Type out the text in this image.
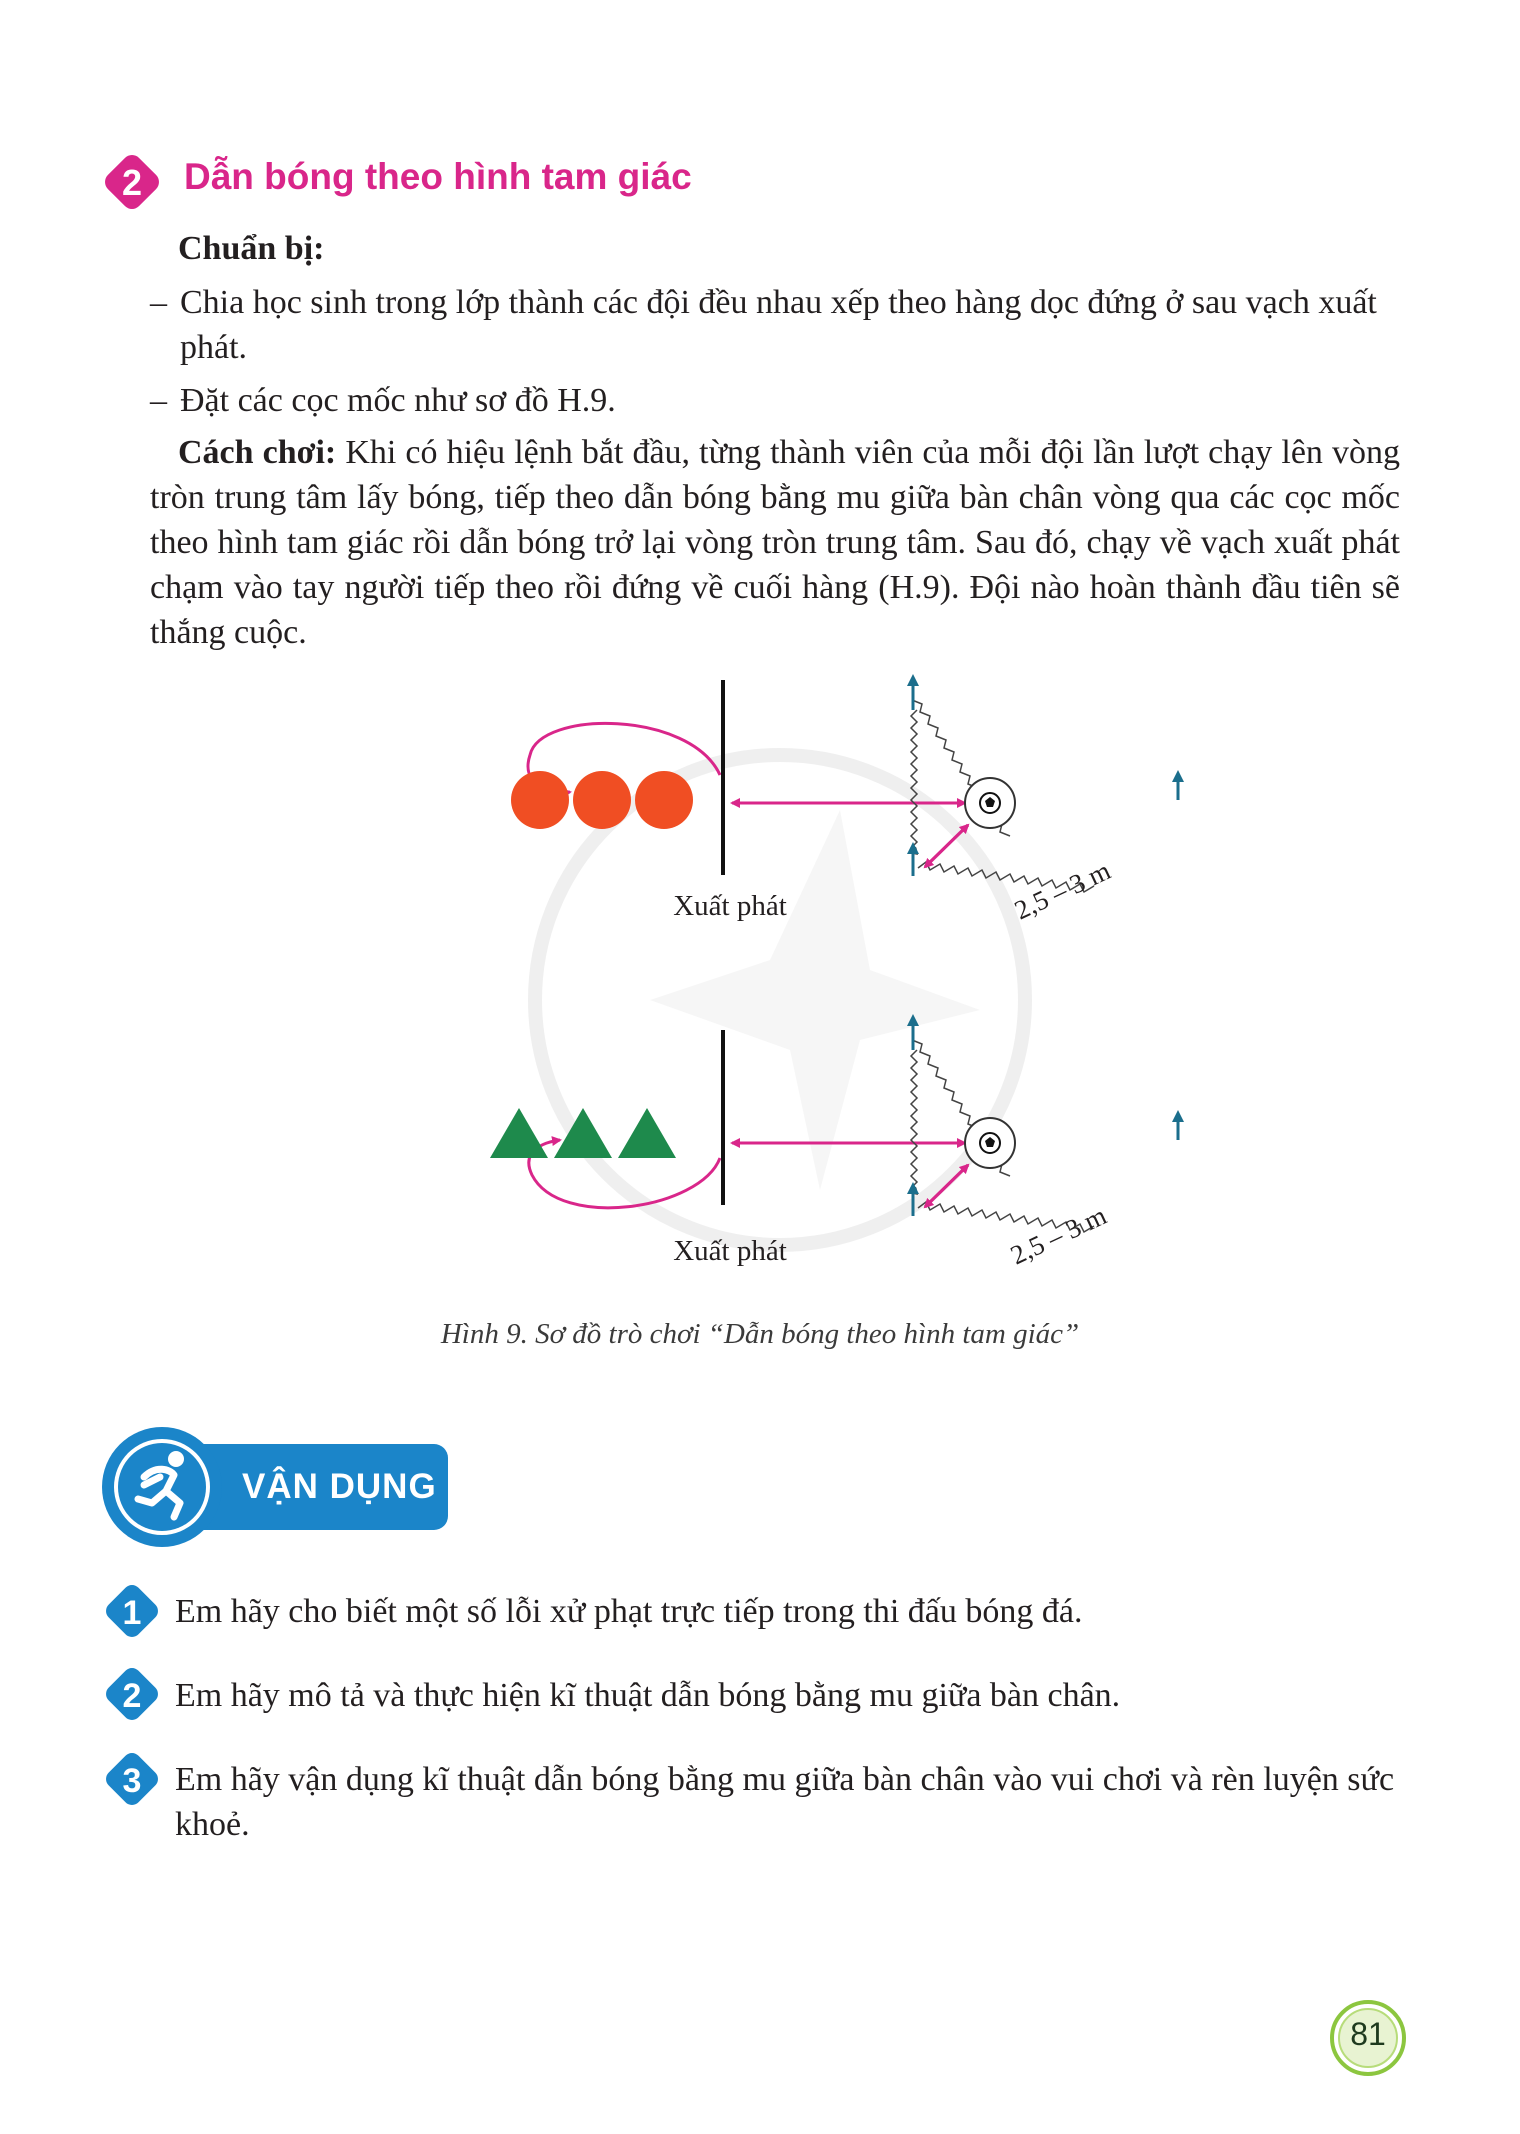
2 Dẫn bóng theo hình tam giác
Chuẩn bị:
– Chia học sinh trong lớp thành các đội đều nhau xếp theo hàng dọc đứng ở sau vạch xuất phát.
– Đặt các cọc mốc như sơ đồ H.9.
Cách chơi: Khi có hiệu lệnh bắt đầu, từng thành viên của mỗi đội lần lượt chạy lên vòng tròn trung tâm lấy bóng, tiếp theo dẫn bóng bằng mu giữa bàn chân vòng qua các cọc mốc theo hình tam giác rồi dẫn bóng trở lại vòng tròn trung tâm. Sau đó, chạy về vạch xuất phát chạm vào tay người tiếp theo rồi đứng về cuối hàng (H.9). Đội nào hoàn thành đầu tiên sẽ thắng cuộc.
Xuất phát	2,5 – 3 m
Xuất phát	2,5 – 3 m
Hình 9. Sơ đồ trò chơi “Dẫn bóng theo hình tam giác”
VẬN DỤNG
1 Em hãy cho biết một số lỗi xử phạt trực tiếp trong thi đấu bóng đá.
2 Em hãy mô tả và thực hiện kĩ thuật dẫn bóng bằng mu giữa bàn chân.
3 Em hãy vận dụng kĩ thuật dẫn bóng bằng mu giữa bàn chân vào vui chơi và rèn luyện sức khoẻ.
81
